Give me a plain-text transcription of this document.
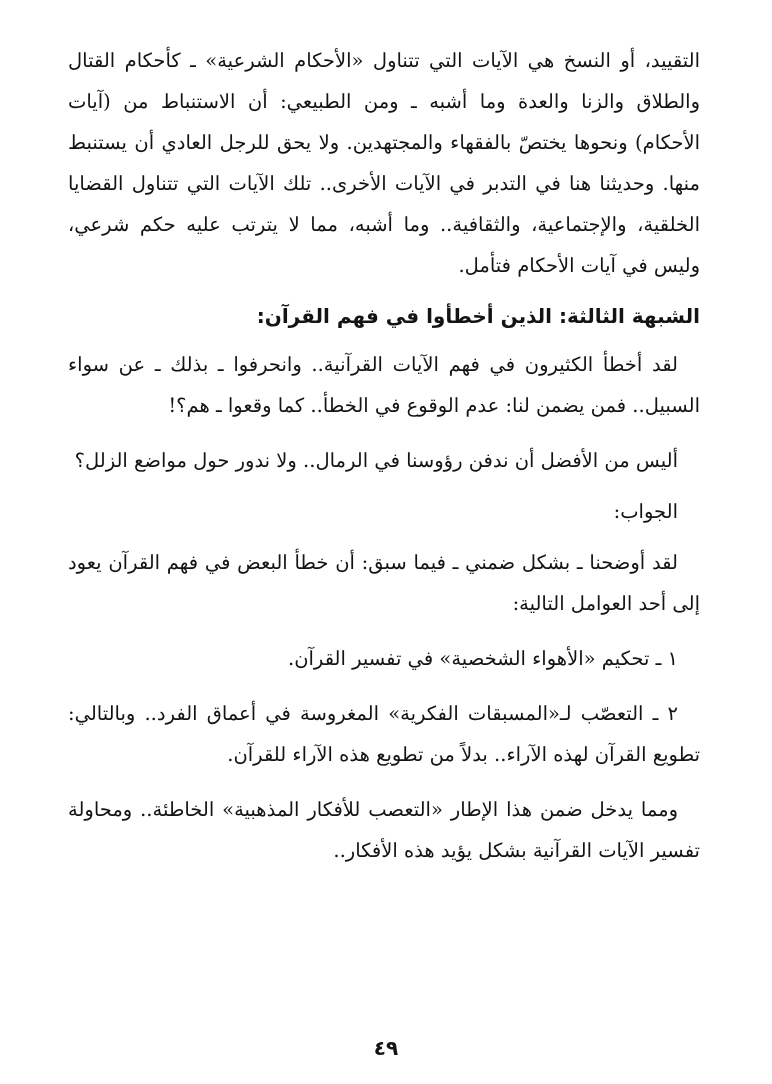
التقييد، أو النسخ هي الآيات التي تتناول «الأحكام الشرعية» ـ كأحكام القتال والطلاق والزنا والعدة وما أشبه ـ ومن الطبيعي: أن الاستنباط من (آيات الأحكام) ونحوها يختصّ بالفقهاء والمجتهدين. ولا يحق للرجل العادي أن يستنبط منها. وحديثنا هنا في التدبر في الآيات الأخرى.. تلك الآيات التي تتناول القضايا الخلقية، والإجتماعية، والثقافية.. وما أشبه، مما لا يترتب عليه حكم شرعي، وليس في آيات الأحكام فتأمل.

الشبهة الثالثة: الذين أخطأوا في فهم القرآن:

لقد أخطأ الكثيرون في فهم الآيات القرآنية.. وانحرفوا ـ بذلك ـ عن سواء السبيل.. فمن يضمن لنا: عدم الوقوع في الخطأ.. كما وقعوا ـ هم؟!

أليس من الأفضل أن ندفن رؤوسنا في الرمال.. ولا ندور حول مواضع الزلل؟

الجواب:

لقد أوضحنا ـ بشكل ضمني ـ فيما سبق: أن خطأ البعض في فهم القرآن يعود إلى أحد العوامل التالية:

١ ـ تحكيم «الأهواء الشخصية» في تفسير القرآن.

٢ ـ التعصّب لـ«المسبقات الفكرية» المغروسة في أعماق الفرد.. وبالتالي: تطويع القرآن لهذه الآراء.. بدلاً من تطويع هذه الآراء للقرآن.

ومما يدخل ضمن هذا الإطار «التعصب للأفكار المذهبية» الخاطئة.. ومحاولة تفسير الآيات القرآنية بشكل يؤيد هذه الأفكار..

٤٩
